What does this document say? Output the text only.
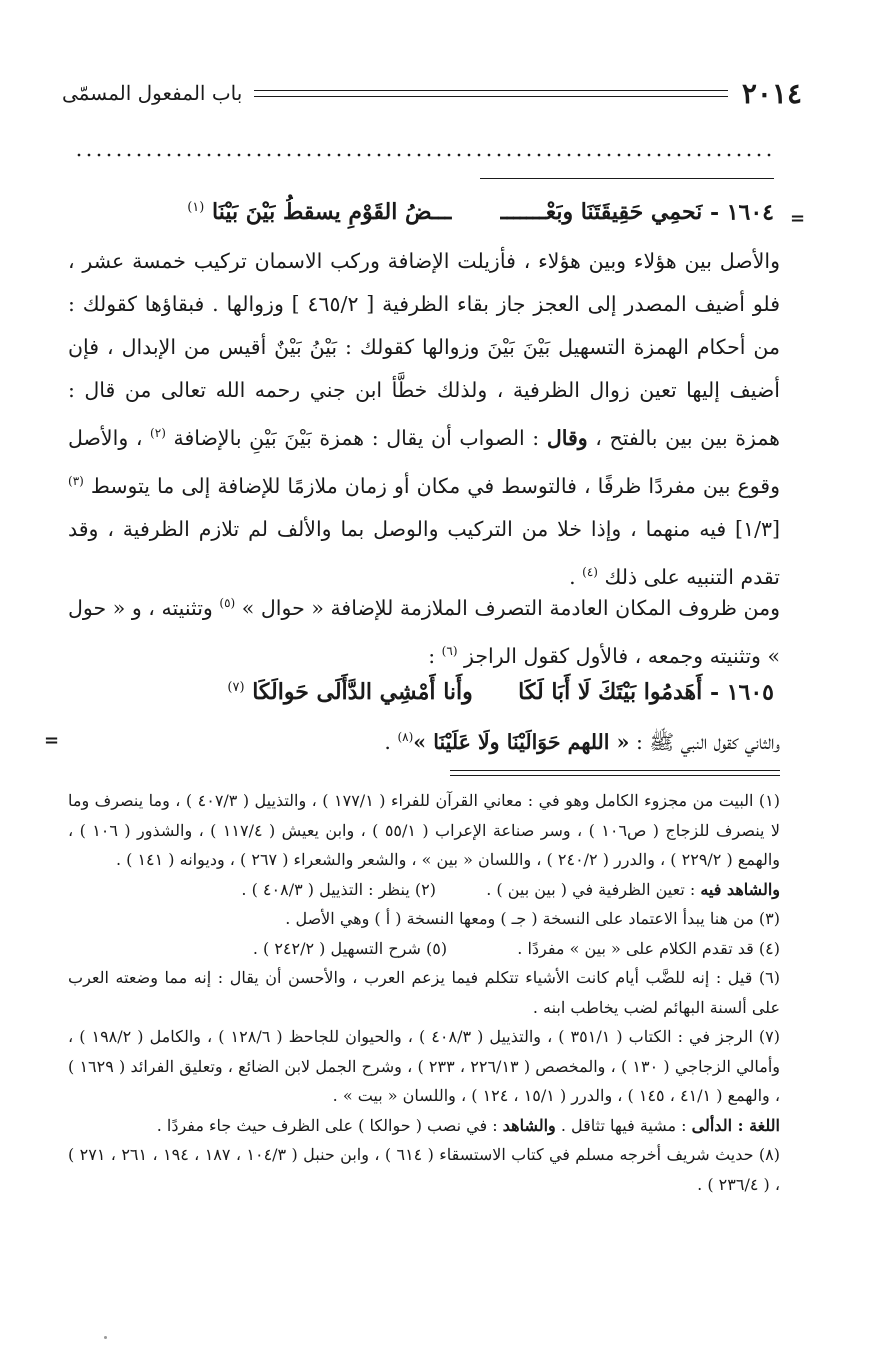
٢٠١٤
باب المفعول المسمّى
=
=
١٦٠٤ - نَحمِي حَقِيقَتَنَا وبَعْـــــــ  ـــضُ القَوْمِ يسقطُ بَيْنَ بَيْنَا $^{(١)}$
والأصل بين هؤلاء وبين هؤلاء ، فأزيلت الإضافة وركب الاسمان تركيب خمسة عشر ، فلو أضيف المصدر إلى العجز جاز بقاء الظرفية [ ٤٦٥/٢ ] وزوالها . فبقاؤها كقولك : من أحكام الهمزة التسهيل بَيْنَ بَيْنَ وزوالها كقولك : بَيْنُ بَيْنٌ أقيس من الإبدال ، فإن أضيف إليها تعين زوال الظرفية ، ولذلك خطَّأ ابن جني رحمه الله تعالى من قال : همزة بين بين بالفتح ، وقال : الصواب أن يقال : همزة بَيْنَ بَيْنِ بالإضافة $^{(٢)}$ ، والأصل وقوع بين مفردًا ظرفًا ، فالتوسط في مكان أو زمان ملازمًا للإضافة إلى ما يتوسط $^{(٣)}$ [١/٣] فيه منهما ، وإذا خلا من التركيب والوصل بما والألف لم تلازم الظرفية ، وقد تقدم التنبيه على ذلك $^{(٤)}$ .
ومن ظروف المكان العادمة التصرف الملازمة للإضافة « حوال » $^{(٥)}$ وتثنيته ، و « حول » وتثنيته وجمعه ، فالأول كقول الراجز $^{(٦)}$ :
١٦٠٥ - أَهَدمُوا بَيْتَكَ لَا أَبَا لَكَا  وأَنا أَمْشِي الدَّأَلَى حَوالَكَا $^{(٧)}$
والثاني كقول النبي ﷺ : « اللهم حَوَالَيْنَا ولَا عَلَيْنَا »$^{(٨)}$ .

(١) البيت من مجزوء الكامل وهو في : معاني القرآن للفراء ( ١٧٧/١ ) ، والتذييل ( ٤٠٧/٣ ) ، وما ينصرف وما لا ينصرف للزجاج ( ص١٠٦ ) ، وسر صناعة الإعراب ( ٥٥/١ ) ، وابن يعيش ( ١١٧/٤ ) ، والشذور ( ١٠٦ ) ، والهمع ( ٢٢٩/٢ ) ، والدرر ( ٢٤٠/٢ ) ، واللسان « بين » ، والشعر والشعراء ( ٢٦٧ ) ، وديوانه ( ١٤١ ) .

والشاهد فيه : تعين الظرفية في ( بين بين ) .  (٢) ينظر : التذييل ( ٤٠٨/٣ ) .

(٣) من هنا يبدأ الاعتماد على النسخة ( جـ ) ومعها النسخة ( أ ) وهي الأصل .

(٤) قد تقدم الكلام على « بين » مفردًا .  (٥) شرح التسهيل ( ٢٤٢/٢ ) .

(٦) قيل : إنه للضَّب أيام كانت الأشياء تتكلم فيما يزعم العرب ، والأحسن أن يقال : إنه مما وضعته العرب على ألسنة البهائم لضب يخاطب ابنه .

(٧) الرجز في : الكتاب ( ٣٥١/١ ) ، والتذييل ( ٤٠٨/٣ ) ، والحيوان للجاحظ ( ١٢٨/٦ ) ، والكامل ( ١٩٨/٢ ) ، وأمالي الزجاجي ( ١٣٠ ) ، والمخصص ( ٢٢٦/١٣ ، ٢٣٣ ) ، وشرح الجمل لابن الضائع ، وتعليق الفرائد ( ١٦٢٩ ) ، والهمع ( ٤١/١ ، ١٤٥ ) ، والدرر ( ١٥/١ ، ١٢٤ ) ، واللسان « بيت » .

اللغة : الدألى : مشية فيها تثاقل . والشاهد : في نصب ( حوالكا ) على الظرف حيث جاء مفردًا .

(٨) حديث شريف أخرجه مسلم في كتاب الاستسقاء ( ٦١٤ ) ، وابن حنبل ( ١٠٤/٣ ، ١٨٧ ، ١٩٤ ، ٢٦١ ، ٢٧١ ) ، ( ٢٣٦/٤ ) .
